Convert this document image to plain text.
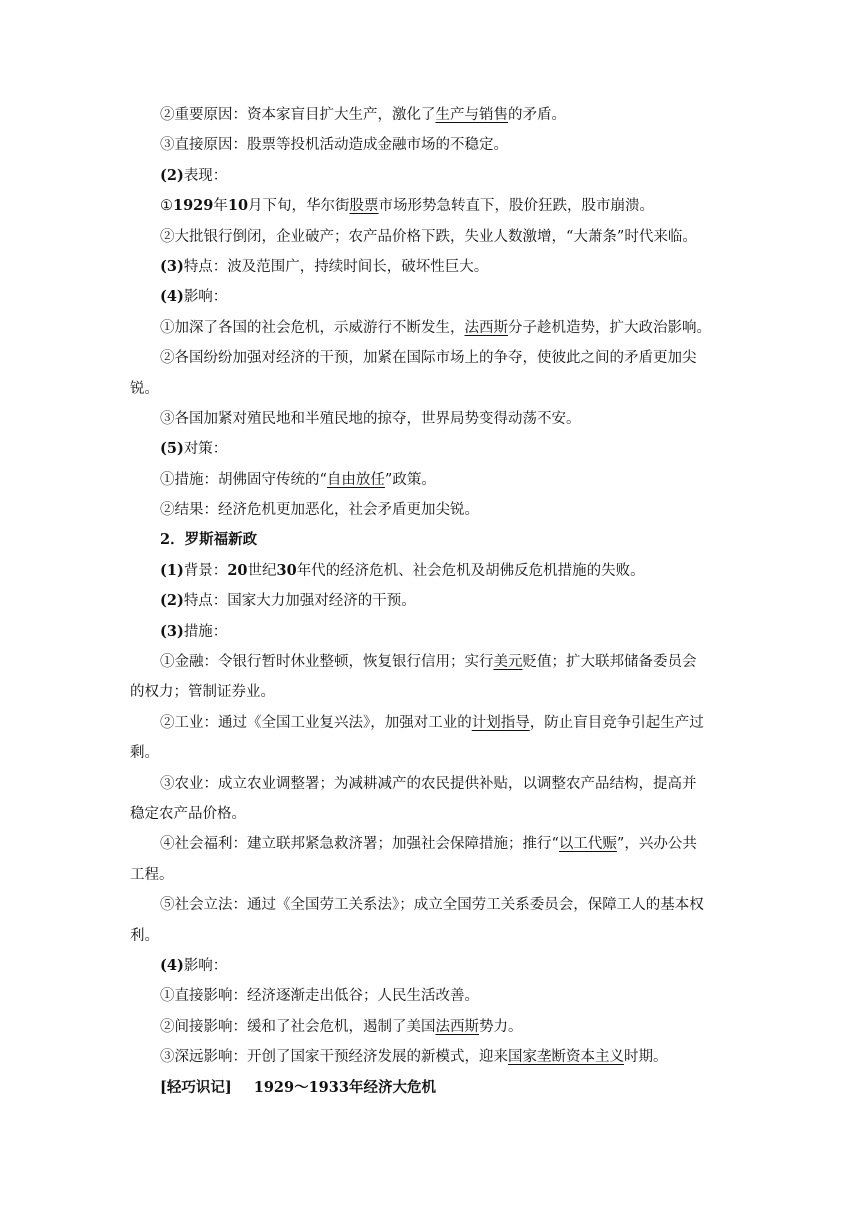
②重要原因：资本家盲目扩大生产，激化了生产与销售的矛盾。
③直接原因：股票等投机活动造成金融市场的不稳定。
(2)表现：
①1929年10月下旬，华尔街股票市场形势急转直下，股价狂跌，股市崩溃。
②大批银行倒闭，企业破产；农产品价格下跌，失业人数激增，“大萧条”时代来临。
(3)特点：波及范围广，持续时间长，破坏性巨大。
(4)影响：
①加深了各国的社会危机，示威游行不断发生，法西斯分子趁机造势，扩大政治影响。
②各国纷纷加强对经济的干预，加紧在国际市场上的争夺，使彼此之间的矛盾更加尖
锐。
③各国加紧对殖民地和半殖民地的掠夺，世界局势变得动荡不安。
(5)对策：
①措施：胡佛固守传统的“自由放任”政策。
②结果：经济危机更加恶化，社会矛盾更加尖锐。
2．罗斯福新政
(1)背景：20世纪30年代的经济危机、社会危机及胡佛反危机措施的失败。
(2)特点：国家大力加强对经济的干预。
(3)措施：
①金融：令银行暂时休业整顿，恢复银行信用；实行美元贬值；扩大联邦储备委员会
的权力；管制证券业。
②工业：通过《全国工业复兴法》，加强对工业的计划指导，防止盲目竞争引起生产过
剩。
③农业：成立农业调整署；为减耕减产的农民提供补贴，以调整农产品结构，提高并
稳定农产品价格。
④社会福利：建立联邦紧急救济署；加强社会保障措施；推行“以工代赈”，兴办公共
工程。
⑤社会立法：通过《全国劳工关系法》；成立全国劳工关系委员会，保障工人的基本权
利。
(4)影响：
①直接影响：经济逐渐走出低谷；人民生活改善。
②间接影响：缓和了社会危机，遏制了美国法西斯势力。
③深远影响：开创了国家干预经济发展的新模式，迎来国家垄断资本主义时期。
[轻巧识记] 1929～1933年经济大危机
